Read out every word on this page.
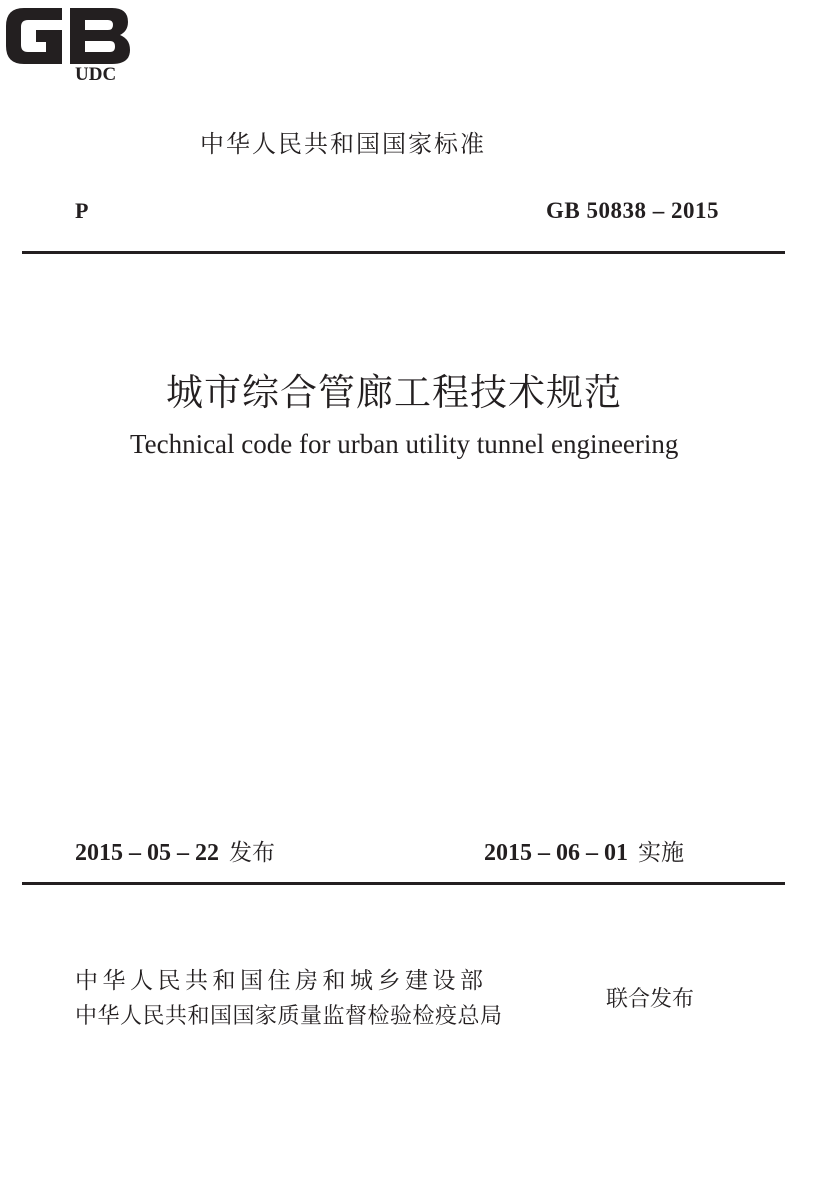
UDC
中华人民共和国国家标准
P	GB 50838 – 2015
城市综合管廊工程技术规范
Technical code for urban utility tunnel engineering
2015 – 05 – 22 发布	2015 – 06 – 01 实施
中华人民共和国住房和城乡建设部
中华人民共和国国家质量监督检验检疫总局
联合发布
